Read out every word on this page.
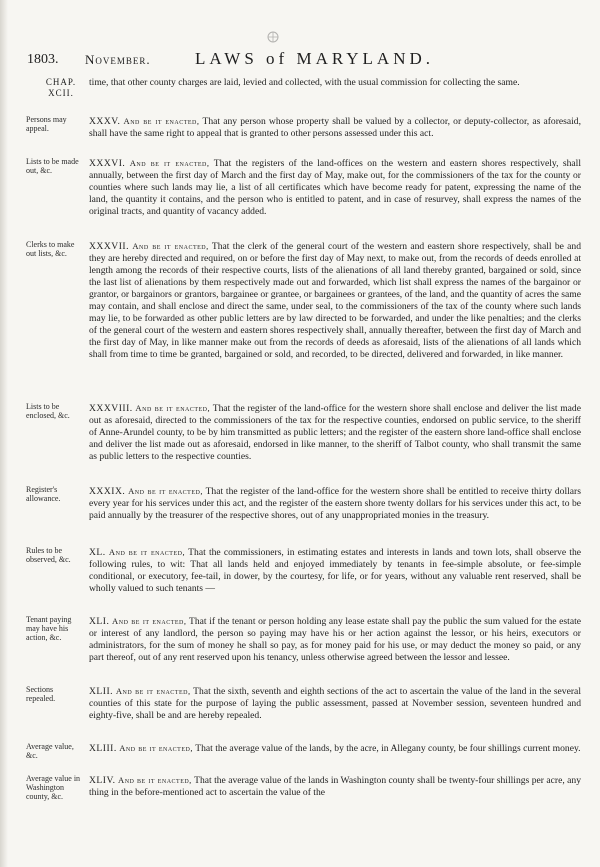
1803. November.	LAWS of MARYLAND.
CHAP.
XCII.
time, that other county charges are laid, levied and collected, with the usual commission for collecting the same.
Persons may appeal.
XXXV. And be it enacted, That any person whose property shall be valued by a collector, or deputy-collector, as aforesaid, shall have the same right to appeal that is granted to other persons assessed under this act.
Lists to be made out, &c.
XXXVI. And be it enacted, That the registers of the land-offices on the western and eastern shores respectively, shall annually, between the first day of March and the first day of May, make out, for the commissioners of the tax for the county or counties where such lands may lie, a list of all certificates which have become ready for patent, expressing the name of the land, the quantity it contains, and the person who is entitled to patent, and in case of resurvey, shall express the names of the original tracts, and quantity of vacancy added.
Clerks to make out lists, &c.
XXXVII. And be it enacted, That the clerk of the general court of the western and eastern shore respectively, shall be and they are hereby directed and required, on or before the first day of May next, to make out, from the records of deeds enrolled at length among the records of their respective courts, lists of the alienations of all land thereby granted, bargained or sold, since the last list of alienations by them respectively made out and forwarded, which list shall express the names of the bargainor or grantor, or bargainors or grantors, bargainee or grantee, or bargainees or grantees, of the land, and the quantity of acres the same may contain, and shall enclose and direct the same, under seal, to the commissioners of the tax of the county where such lands may lie, to be forwarded as other public letters are by law directed to be forwarded, and under the like penalties; and the clerks of the general court of the western and eastern shores respectively shall, annually thereafter, between the first day of March and the first day of May, in like manner make out from the records of deeds as aforesaid, lists of the alienations of all lands which shall from time to time be granted, bargained or sold, and recorded, to be directed, delivered and forwarded, in like manner.
Lists to be enclosed, &c.
XXXVIII. And be it enacted, That the register of the land-office for the western shore shall enclose and deliver the list made out as aforesaid, directed to the commissioners of the tax for the respective counties, endorsed on public service, to the sheriff of Anne-Arundel county, to be by him transmitted as public letters; and the register of the eastern shore land-office shall enclose and deliver the list made out as aforesaid, endorsed in like manner, to the sheriff of Talbot county, who shall transmit the same as public letters to the respective counties.
Register's allowance.
XXXIX. And be it enacted, That the register of the land-office for the western shore shall be entitled to receive thirty dollars every year for his services under this act, and the register of the eastern shore twenty dollars for his services under this act, to be paid annually by the treasurer of the respective shores, out of any unappropriated monies in the treasury.
Rules to be observed, &c.
XL. And be it enacted, That the commissioners, in estimating estates and interests in lands and town lots, shall observe the following rules, to wit: That all lands held and enjoyed immediately by tenants in fee-simple absolute, or fee-simple conditional, or executory, fee-tail, in dower, by the courtesy, for life, or for years, without any valuable rent reserved, shall be wholly valued to such tenants —
Tenant paying may have his action, &c.
XLI. And be it enacted, That if the tenant or person holding any lease estate shall pay the public the sum valued for the estate or interest of any landlord, the person so paying may have his or her action against the lessor, or his heirs, executors or administrators, for the sum of money he shall so pay, as for money paid for his use, or may deduct the money so paid, or any part thereof, out of any rent reserved upon his tenancy, unless otherwise agreed between the lessor and lessee.
Sections repealed.
XLII. And be it enacted, That the sixth, seventh and eighth sections of the act to ascertain the value of the land in the several counties of this state for the purpose of laying the public assessment, passed at November session, seventeen hundred and eighty-five, shall be and are hereby repealed.
Average value, &c.
XLIII. And be it enacted, That the average value of the lands, by the acre, in Allegany county, be four shillings current money.
Average value in Washington county, &c.
XLIV. And be it enacted, That the average value of the lands in Washington county shall be twenty-four shillings per acre, any thing in the before-mentioned act to ascertain the value of the
